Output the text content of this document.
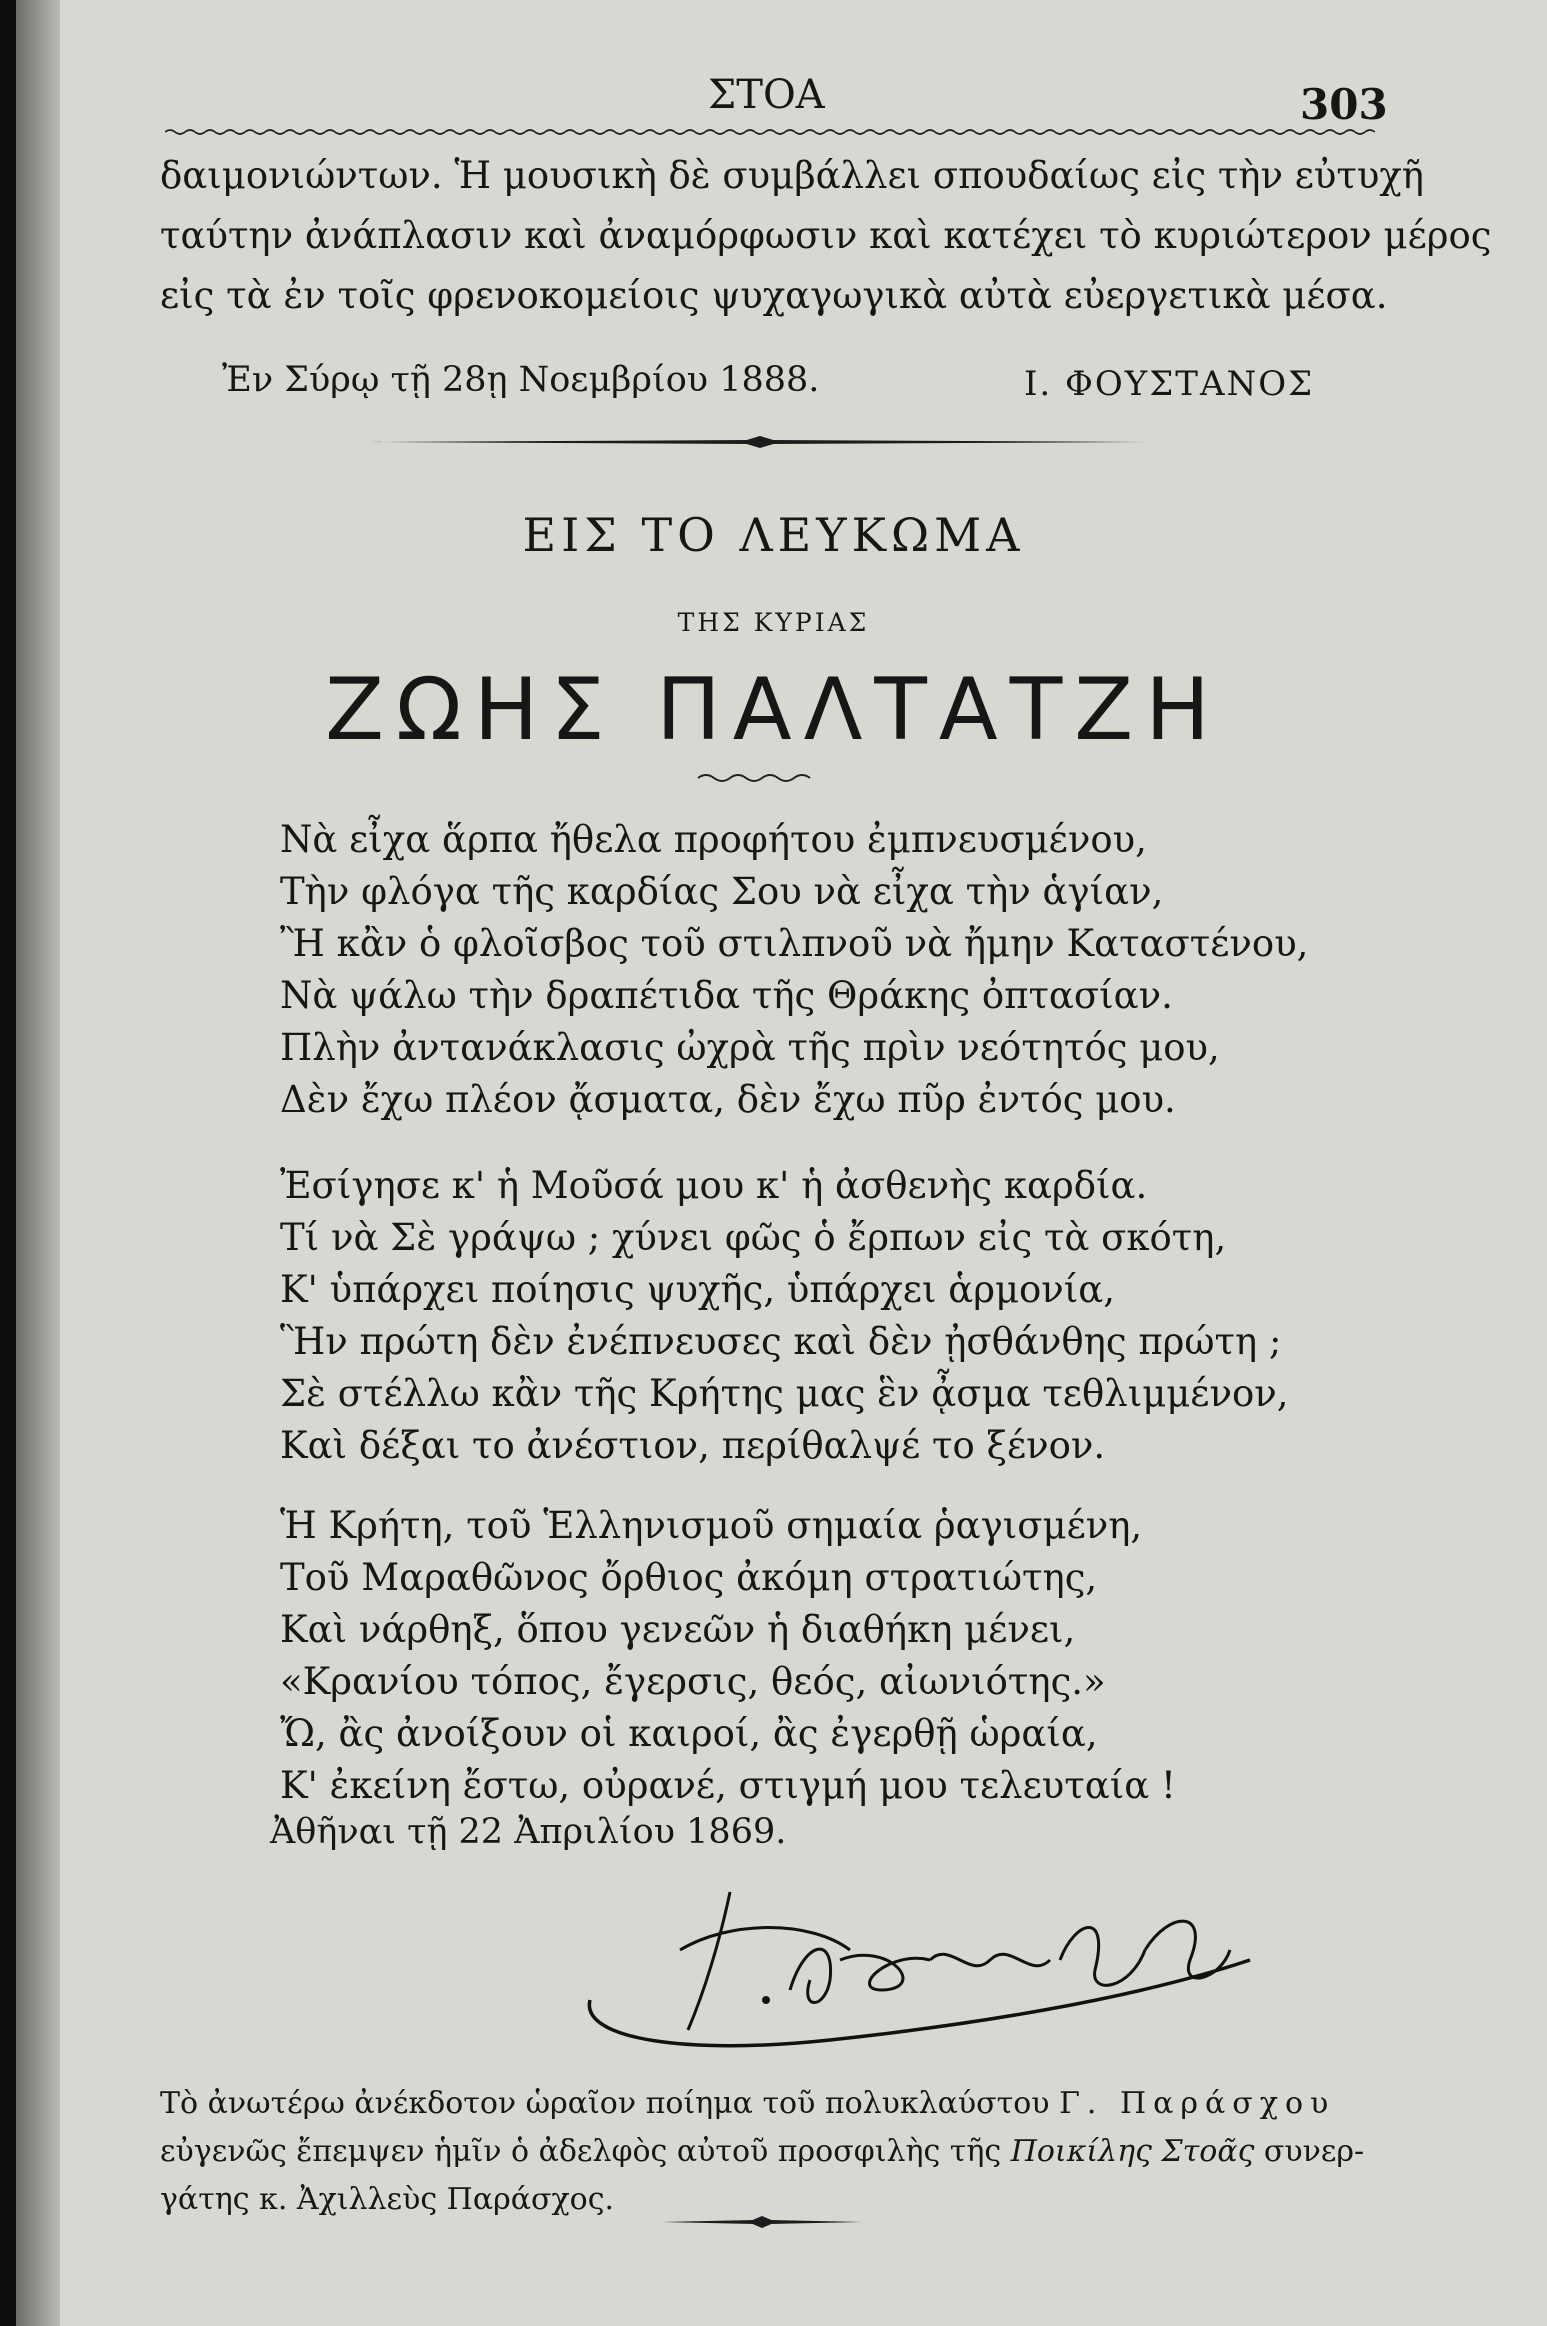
ΣΤΟΑ	303
δαιμονιώντων. Ἡ μουσικὴ δὲ συμβάλλει σπουδαίως εἰς τὴν εὐτυχῆ
ταύτην ἀνάπλασιν καὶ ἀναμόρφωσιν καὶ κατέχει τὸ κυριώτερον μέρος
εἰς τὰ ἐν τοῖς φρενοκομείοις ψυχαγωγικὰ αὐτὰ εὐεργετικὰ μέσα.
Ἐν Σύρῳ τῇ 28ῃ Νοεμβρίου 1888.	Ι. ΦΟΥΣΤΑΝΟΣ
ΕΙΣ ΤΟ ΛΕΥΚΩΜΑ
ΤΗΣ ΚΥΡΙΑΣ
ΖΩΗΣ ΠΑΛΤΑΤΖΗ
Νὰ εἶχα ἅρπα ἤθελα προφήτου ἐμπνευσμένου,
Τὴν φλόγα τῆς καρδίας Σου νὰ εἶχα τὴν ἁγίαν,
Ἢ κἂν ὁ φλοῖσβος τοῦ στιλπνοῦ νὰ ἤμην Καταστένου,
Νὰ ψάλω τὴν δραπέτιδα τῆς Θράκης ὀπτασίαν.
Πλὴν ἀντανάκλασις ὠχρὰ τῆς πρὶν νεότητός μου,
Δὲν ἔχω πλέον ᾄσματα, δὲν ἔχω πῦρ ἐντός μου.
Ἐσίγησε κ' ἡ Μοῦσά μου κ' ἡ ἀσθενὴς καρδία.
Τί νὰ Σὲ γράψω ; χύνει φῶς ὁ ἔρπων εἰς τὰ σκότη,
Κ' ὑπάρχει ποίησις ψυχῆς, ὑπάρχει ἁρμονία,
Ἣν πρώτη δὲν ἐνέπνευσες καὶ δὲν ᾐσθάνθης πρώτη ;
Σὲ στέλλω κἂν τῆς Κρήτης μας ἓν ᾆσμα τεθλιμμένον,
Καὶ δέξαι το ἀνέστιον, περίθαλψέ το ξένον.
Ἡ Κρήτη, τοῦ Ἑλληνισμοῦ σημαία ῥαγισμένη,
Τοῦ Μαραθῶνος ὄρθιος ἀκόμη στρατιώτης,
Καὶ νάρθηξ, ὅπου γενεῶν ἡ διαθήκη μένει,
«Κρανίου τόπος, ἔγερσις, θεός, αἰωνιότης.»
Ὤ, ἂς ἀνοίξουν οἱ καιροί, ἂς ἐγερθῇ ὡραία,
Κ' ἐκείνη ἔστω, οὐρανέ, στιγμή μου τελευταία !
Ἀθῆναι τῇ 22 Ἀπριλίου 1869.
Τὸ ἀνωτέρω ἀνέκδοτον ὡραῖον ποίημα τοῦ πολυκλαύστου Γ. Παράσχου
εὐγενῶς ἔπεμψεν ἡμῖν ὁ ἀδελφὸς αὐτοῦ προσφιλὴς τῆς Ποικίλης Στοᾶς συνερ-
γάτης κ. Ἀχιλλεὺς Παράσχος.
